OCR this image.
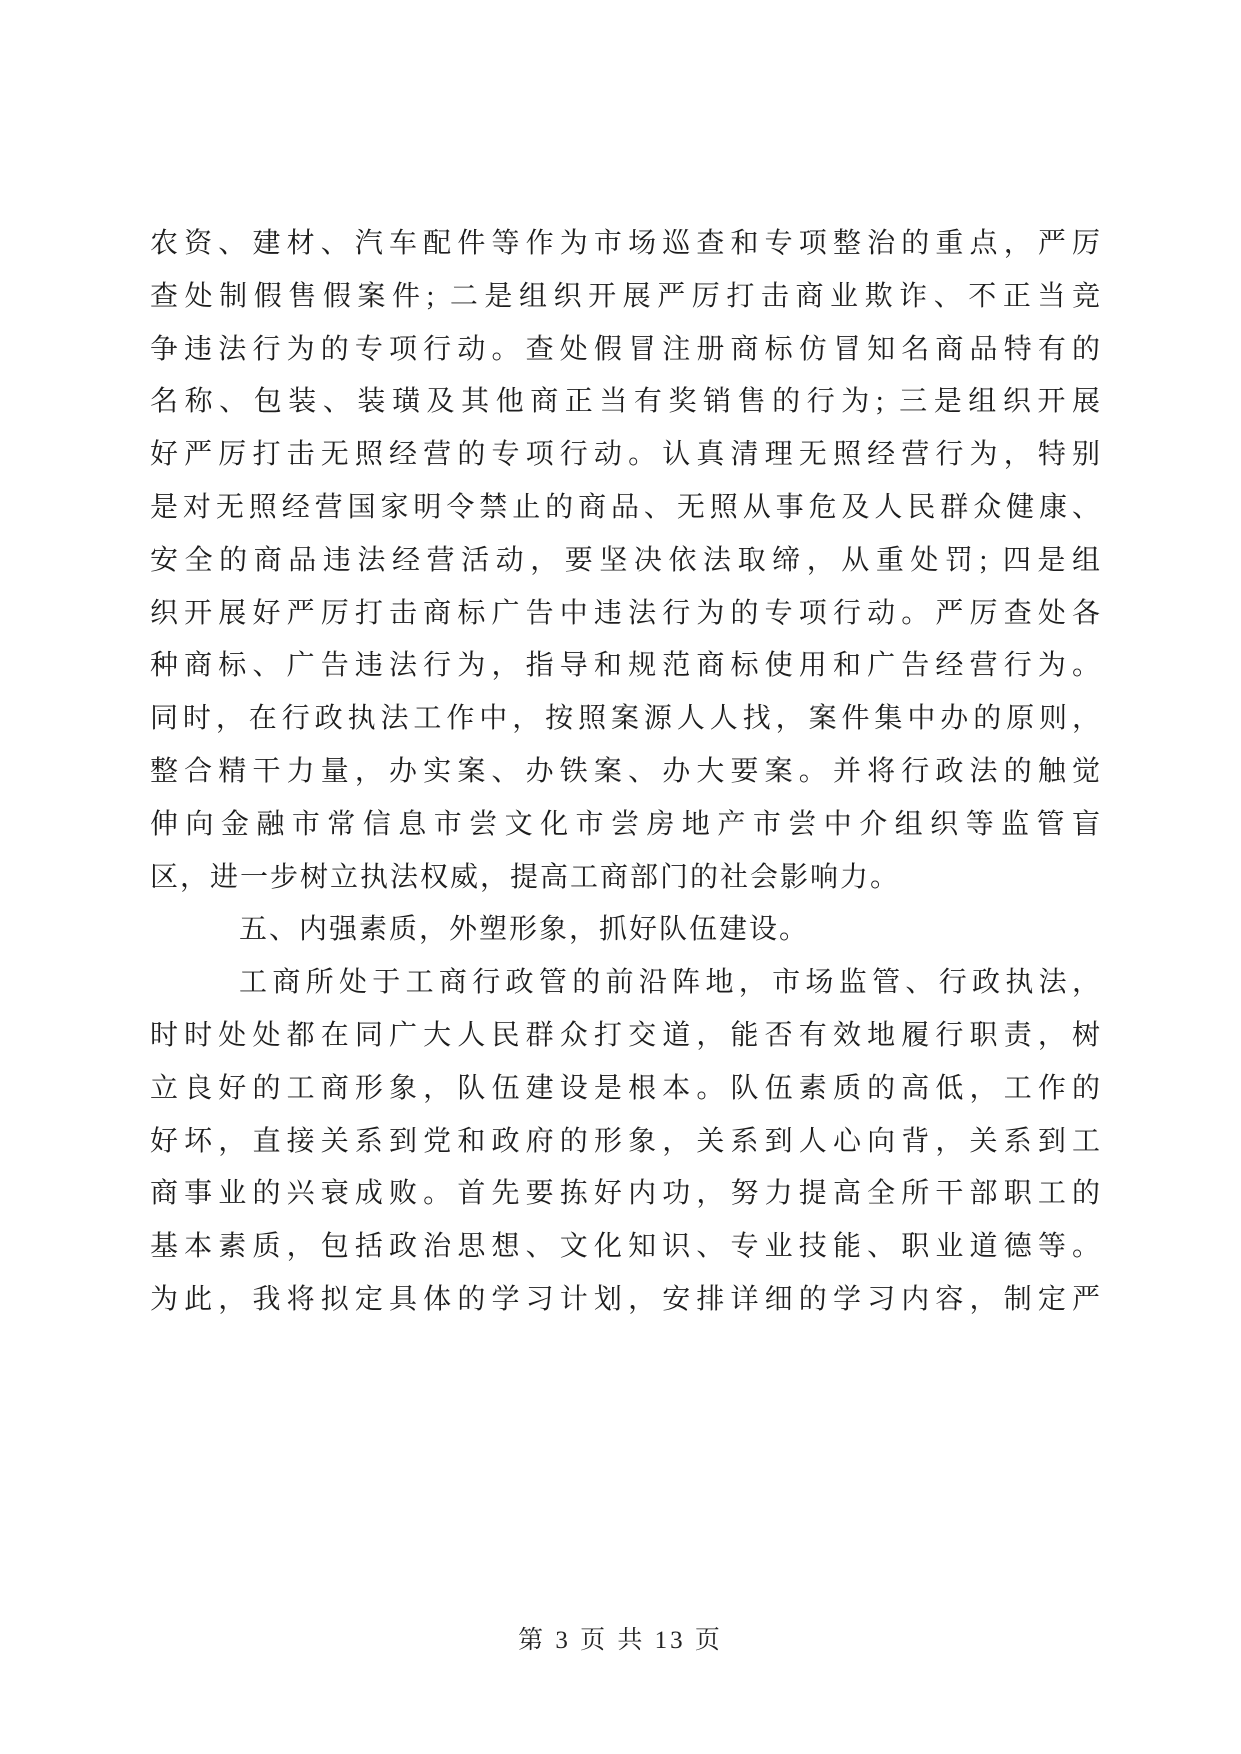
农资、建材、汽车配件等作为市场巡查和专项整治的重点，严厉
查处制假售假案件; 二是组织开展严厉打击商业欺诈、不正当竞
争违法行为的专项行动。查处假冒注册商标仿冒知名商品特有的
名称、包装、装璜及其他商正当有奖销售的行为; 三是组织开展
好严厉打击无照经营的专项行动。认真清理无照经营行为，特别
是对无照经营国家明令禁止的商品、无照从事危及人民群众健康、
安全的商品违法经营活动，要坚决依法取缔，从重处罚; 四是组
织开展好严厉打击商标广告中违法行为的专项行动。严厉查处各
种商标、广告违法行为，指导和规范商标使用和广告经营行为。
同时，在行政执法工作中，按照案源人人找，案件集中办的原则，
整合精干力量，办实案、办铁案、办大要案。并将行政法的触觉
伸向金融市常信息市尝文化市尝房地产市尝中介组织等监管盲
区，进一步树立执法权威，提高工商部门的社会影响力。
五、内强素质，外塑形象，抓好队伍建设。
工商所处于工商行政管的前沿阵地，市场监管、行政执法，
时时处处都在同广大人民群众打交道，能否有效地履行职责，树
立良好的工商形象，队伍建设是根本。队伍素质的高低，工作的
好坏，直接关系到党和政府的形象，关系到人心向背，关系到工
商事业的兴衰成败。首先要拣好内功，努力提高全所干部职工的
基本素质，包括政治思想、文化知识、专业技能、职业道德等。
为此，我将拟定具体的学习计划，安排详细的学习内容，制定严
第 3 页 共 13 页
